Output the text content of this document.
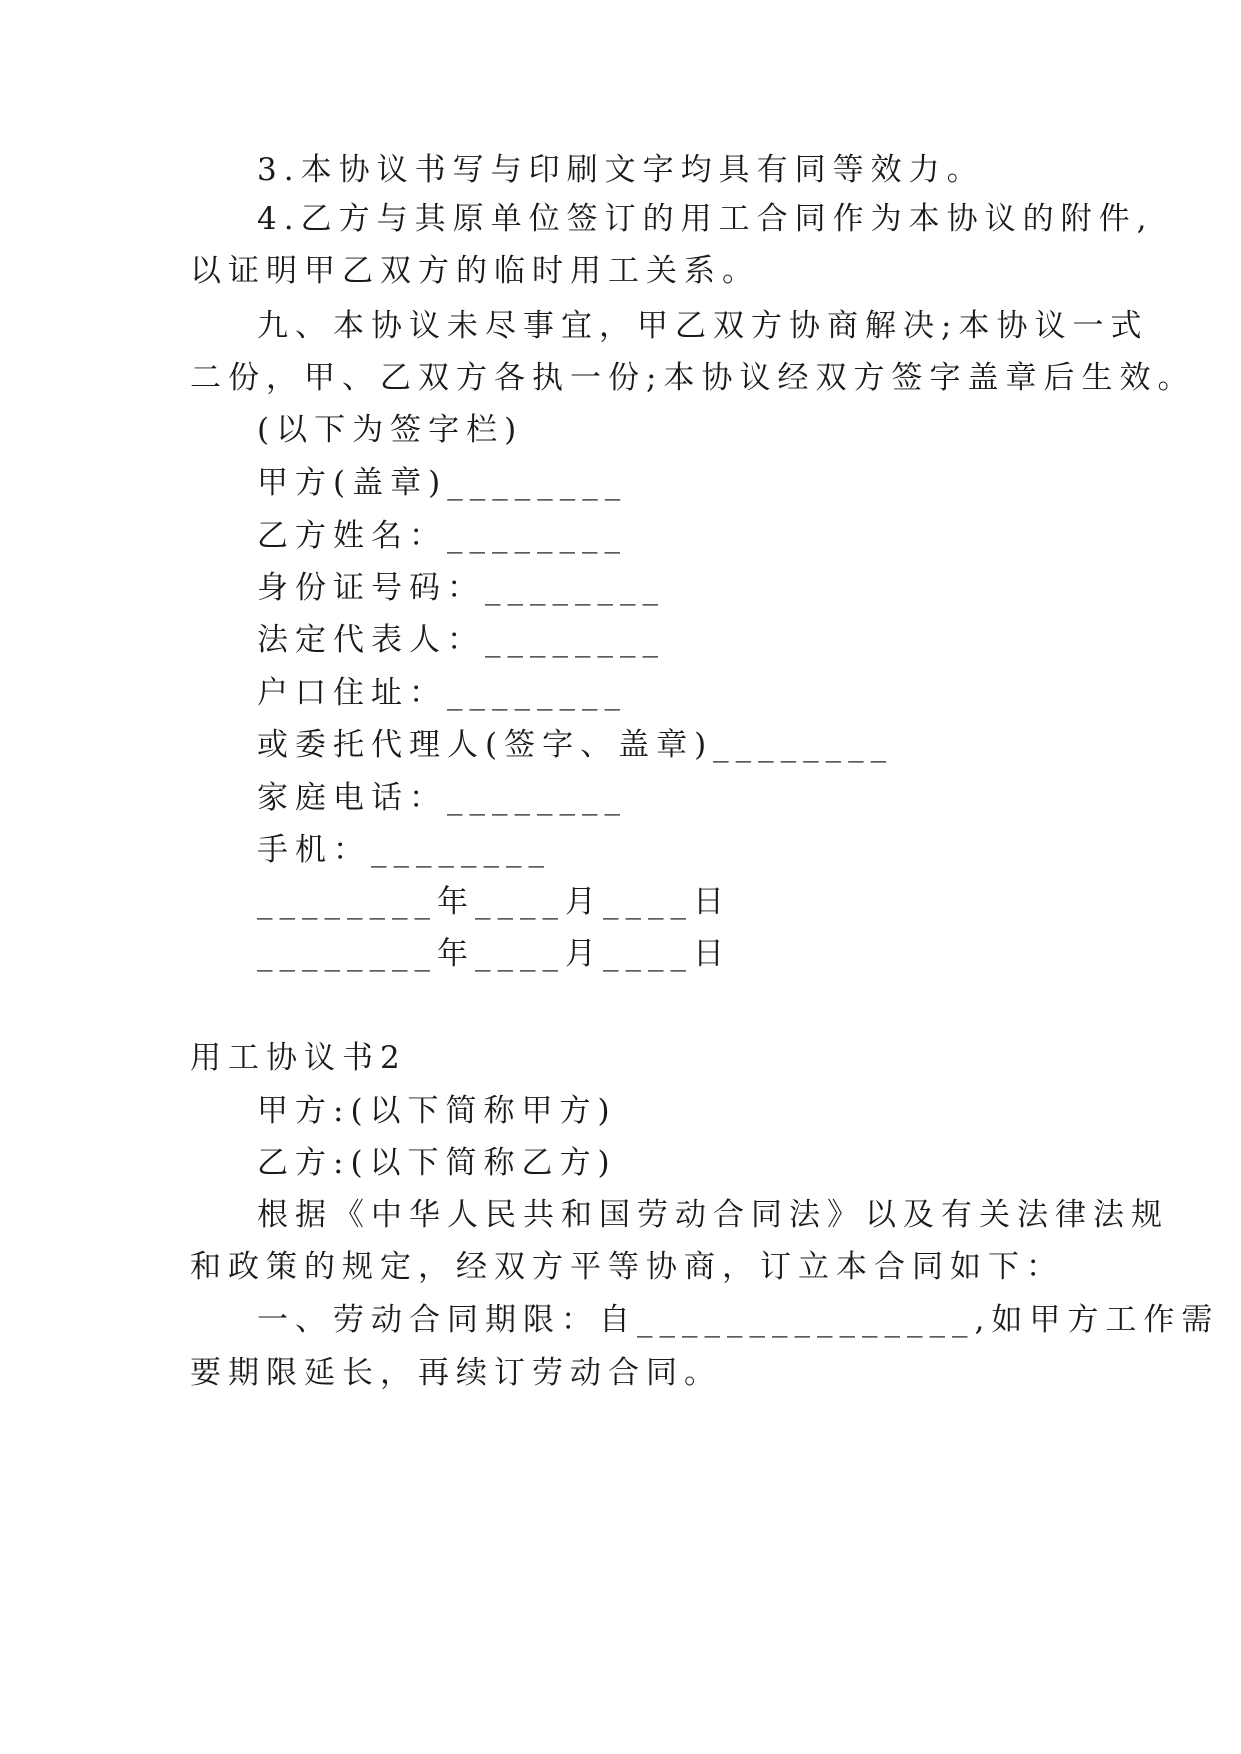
3.本协议书写与印刷文字均具有同等效力。
4.乙方与其原单位签订的用工合同作为本协议的附件,
以证明甲乙双方的临时用工关系。
九、本协议未尽事宜，甲乙双方协商解决;本协议一式
二份，甲、乙双方各执一份;本协议经双方签字盖章后生效。
(以下为签字栏)
甲方(盖章)________
乙方姓名：________
身份证号码：________
法定代表人：________
户口住址：________
或委托代理人(签字、盖章)________
家庭电话：________
手机：________
________年____月____日
________年____月____日
用工协议书2
甲方:(以下简称甲方)
乙方:(以下简称乙方)
根据《中华人民共和国劳动合同法》以及有关法律法规
和政策的规定，经双方平等协商，订立本合同如下：
一、劳动合同期限：自_______________,如甲方工作需
要期限延长，再续订劳动合同。
